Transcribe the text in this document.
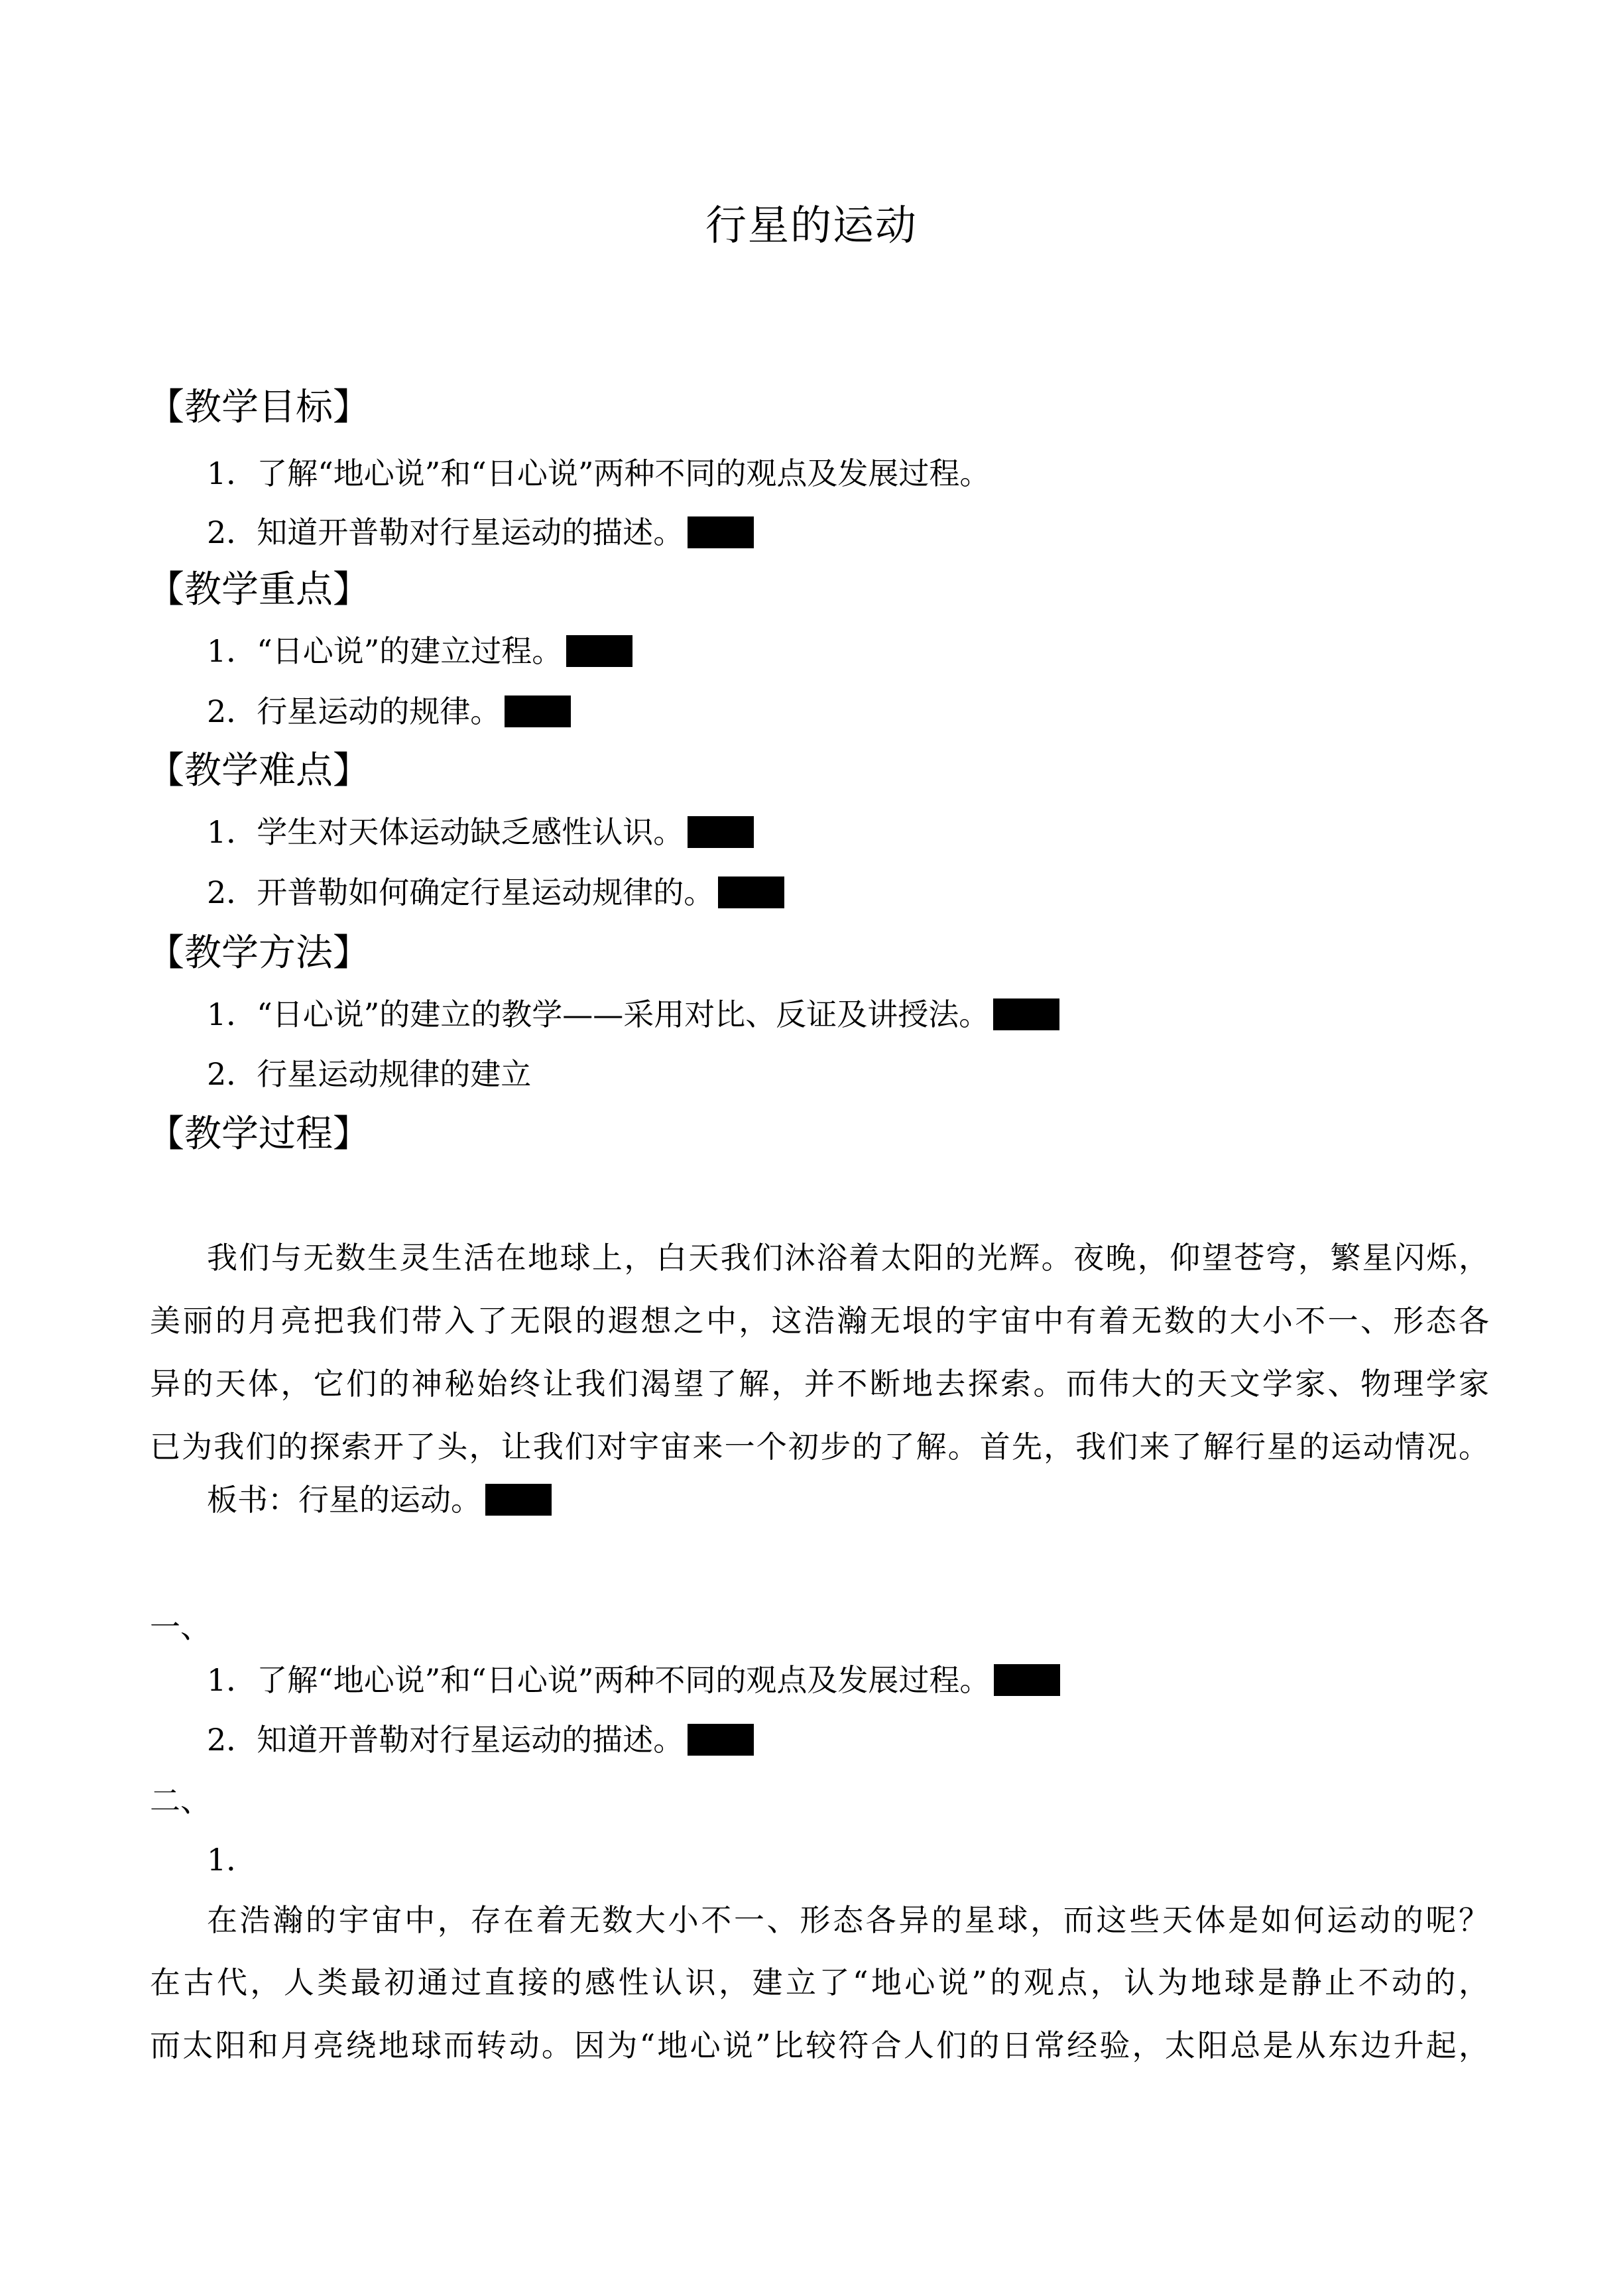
行星的运动
【教学目标】
1．了解“地心说”和“日心说”两种不同的观点及发展过程。
2．知道开普勒对行星运动的描述。
【教学重点】
1．“日心说”的建立过程。
2．行星运动的规律。
【教学难点】
1．学生对天体运动缺乏感性认识。
2．开普勒如何确定行星运动规律的。
【教学方法】
1．“日心说”的建立的教学——采用对比、反证及讲授法。
2．行星运动规律的建立
【教学过程】
我们与无数生灵生活在地球上，白天我们沐浴着太阳的光辉。夜晚，仰望苍穹，繁星闪烁，
美丽的月亮把我们带入了无限的遐想之中，这浩瀚无垠的宇宙中有着无数的大小不一、形态各
异的天体，它们的神秘始终让我们渴望了解，并不断地去探索。而伟大的天文学家、物理学家
已为我们的探索开了头，让我们对宇宙来一个初步的了解。首先，我们来了解行星的运动情况。
板书：行星的运动。
一、
1．了解“地心说”和“日心说”两种不同的观点及发展过程。
2．知道开普勒对行星运动的描述。
二、
1．
在浩瀚的宇宙中，存在着无数大小不一、形态各异的星球，而这些天体是如何运动的呢？
在古代，人类最初通过直接的感性认识，建立了“地心说”的观点，认为地球是静止不动的，
而太阳和月亮绕地球而转动。因为“地心说”比较符合人们的日常经验，太阳总是从东边升起，
